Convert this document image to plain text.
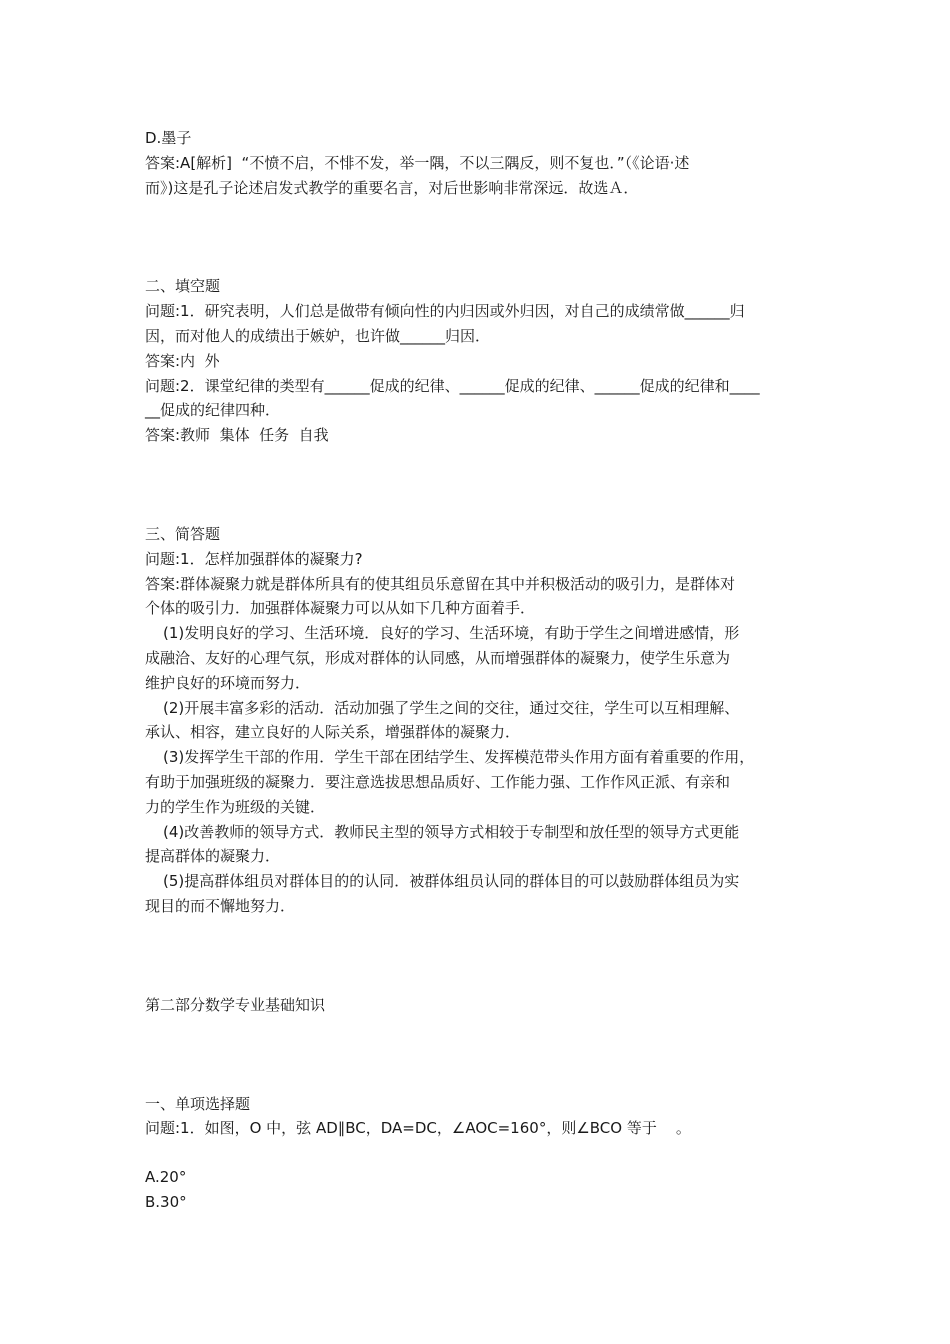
D.墨子
答案:A[解析]  “不愤不启，不悱不发，举一隅，不以三隅反，则不复也．”（《论语·述
而》)这是孔子论述启发式教学的重要名言，对后世影响非常深远．故选Ａ．
二、填空题
问题:1．研究表明，人们总是做带有倾向性的内归因或外归因，对自己的成绩常做______归
因，而对他人的成绩出于嫉妒，也许做______归因．
答案:内  外
问题:2．课堂纪律的类型有______促成的纪律、______促成的纪律、______促成的纪律和____
__促成的纪律四种．
答案:教师  集体  任务  自我
三、简答题
问题:1．怎样加强群体的凝聚力?
答案:群体凝聚力就是群体所具有的使其组员乐意留在其中并积极活动的吸引力，是群体对
个体的吸引力．加强群体凝聚力可以从如下几种方面着手．
(1)发明良好的学习、生活环境．良好的学习、生活环境，有助于学生之间增进感情，形
成融洽、友好的心理气氛，形成对群体的认同感，从而增强群体的凝聚力，使学生乐意为
维护良好的环境而努力．
(2)开展丰富多彩的活动．活动加强了学生之间的交往，通过交往，学生可以互相理解、
承认、相容，建立良好的人际关系，增强群体的凝聚力．
(3)发挥学生干部的作用．学生干部在团结学生、发挥模范带头作用方面有着重要的作用，
有助于加强班级的凝聚力．要注意选拔思想品质好、工作能力强、工作作风正派、有亲和
力的学生作为班级的关键．
(4)改善教师的领导方式．教师民主型的领导方式相较于专制型和放任型的领导方式更能
提高群体的凝聚力．
(5)提高群体组员对群体目的的认同．被群体组员认同的群体目的可以鼓励群体组员为实
现目的而不懈地努力．
第二部分数学专业基础知识
一、单项选择题
问题:1．如图，O 中，弦 AD∥BC，DA=DC，∠AOC=160°，则∠BCO 等于    。
A.20°
B.30°
